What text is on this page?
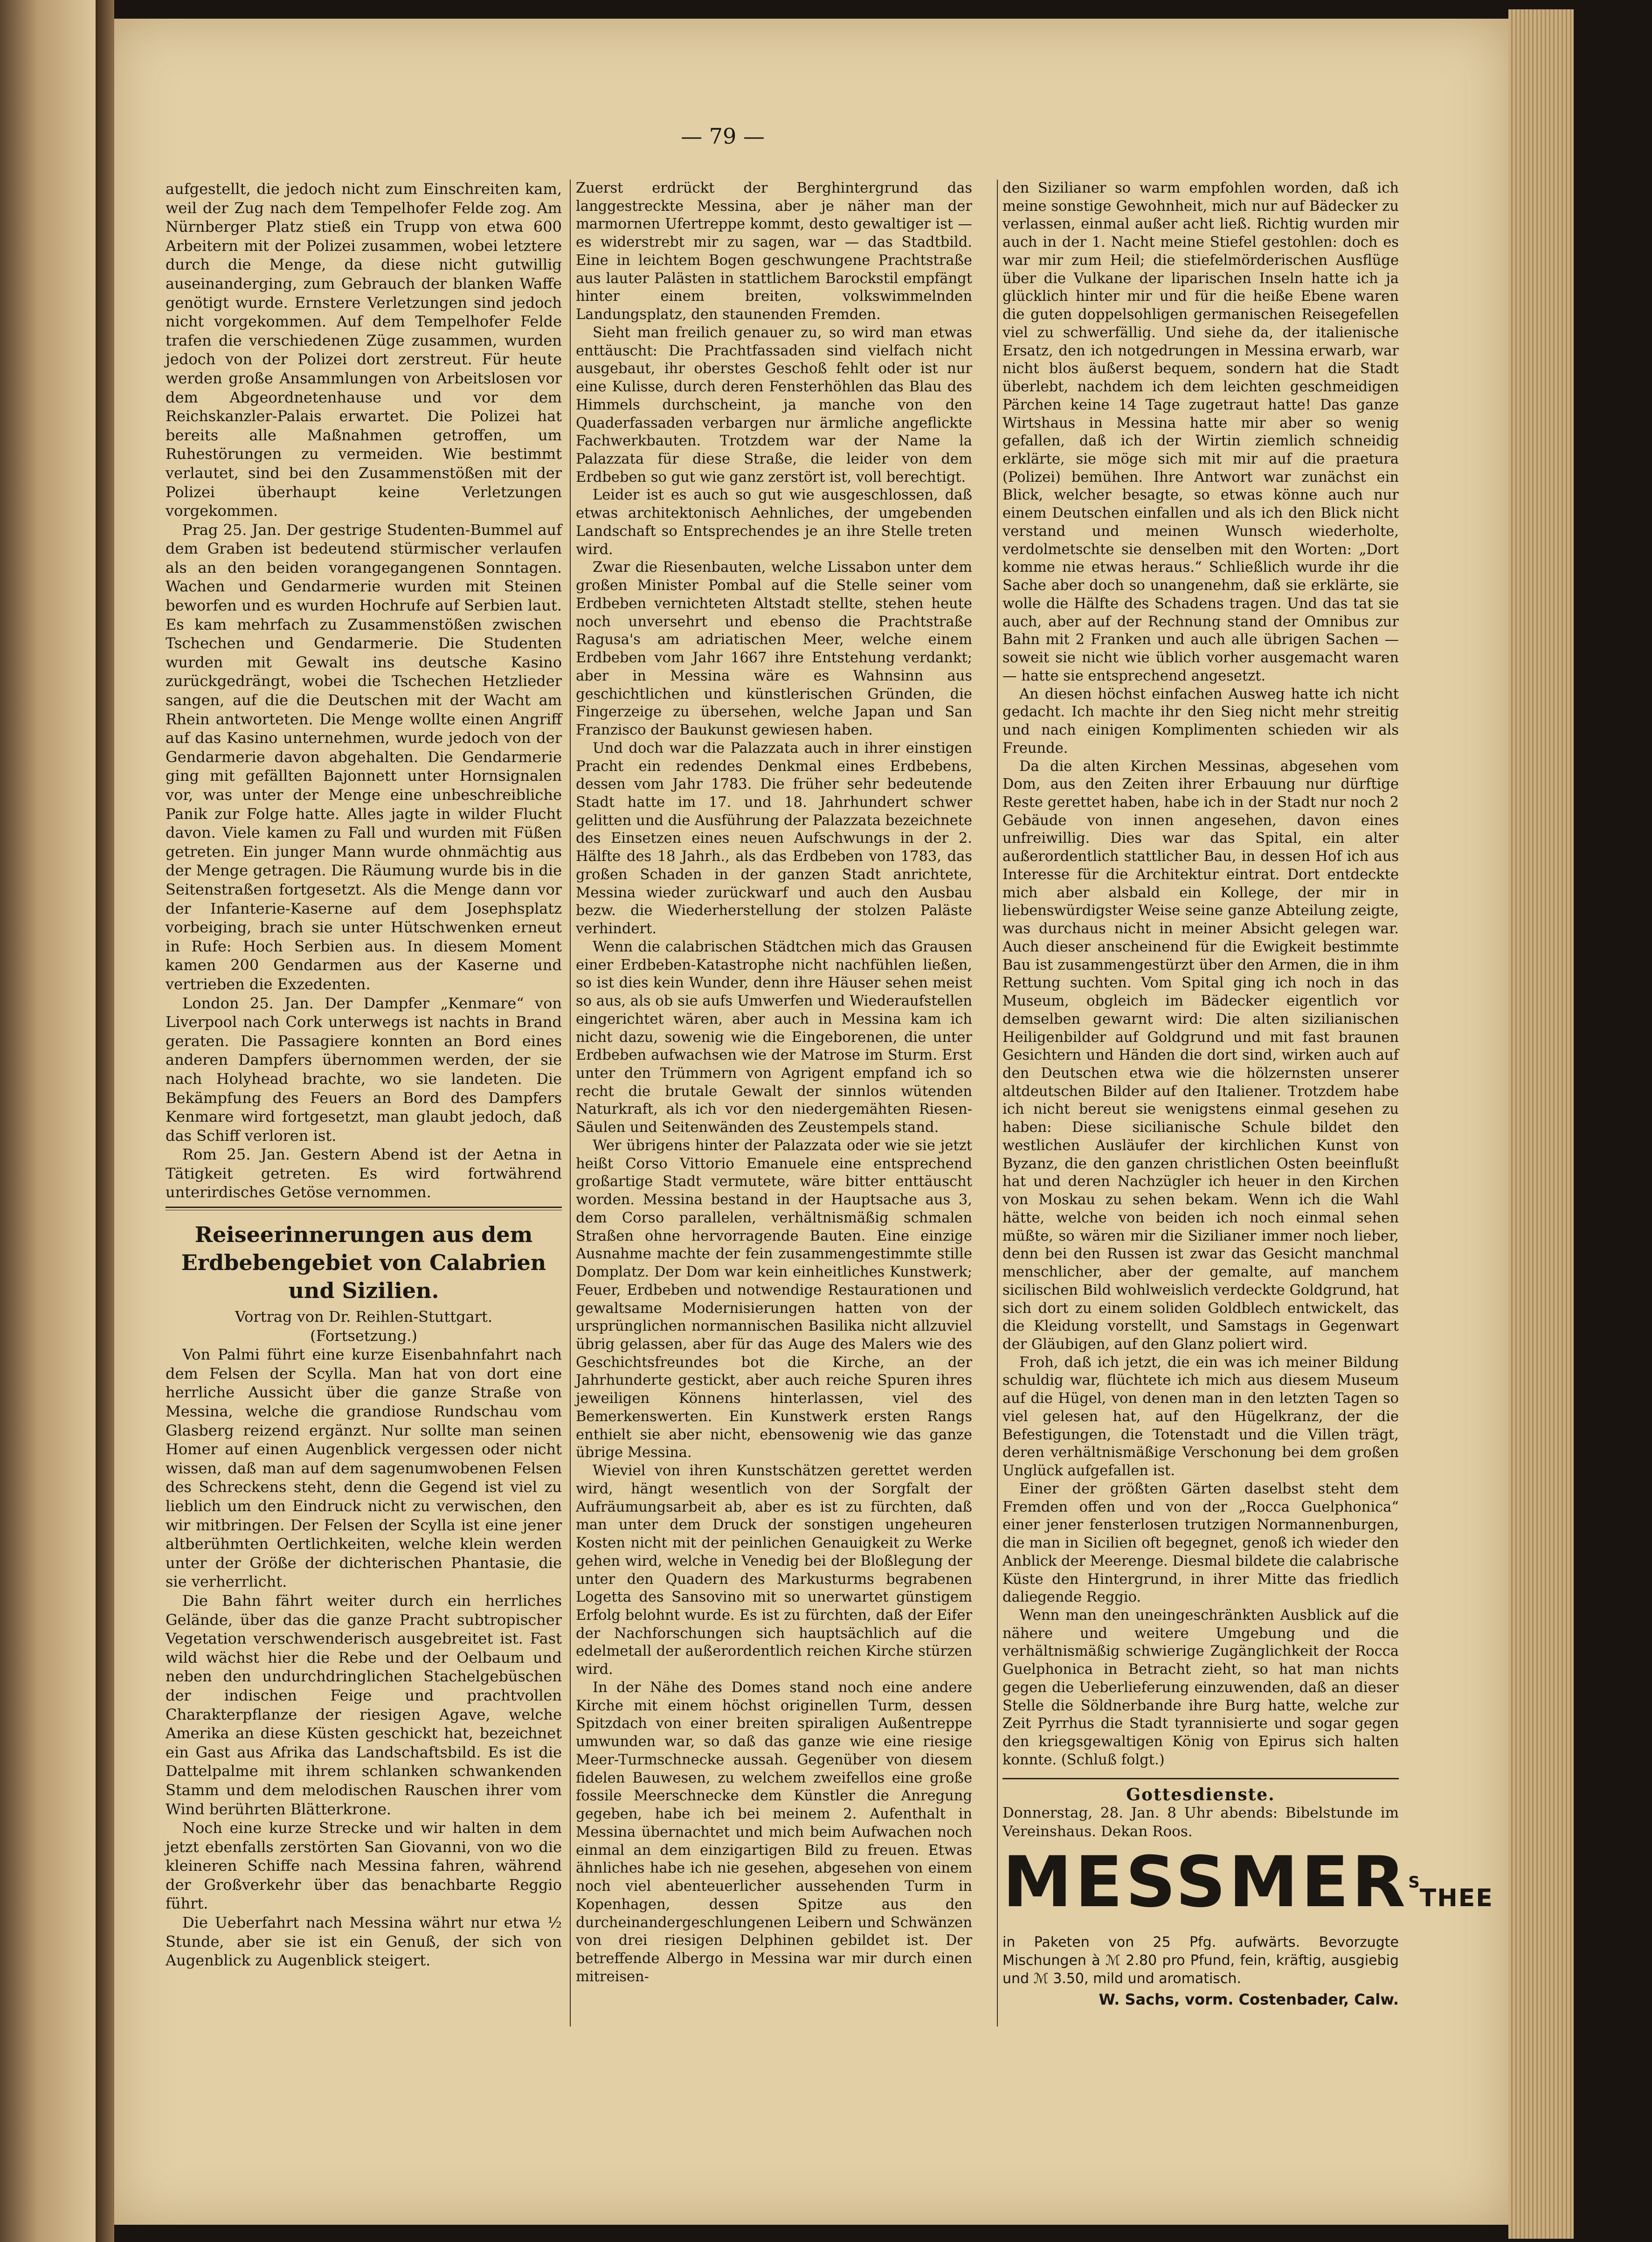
— 79 —

aufgestellt, die jedoch nicht zum Einschreiten kam, weil der Zug nach dem Tempelhofer Felde zog. Am Nürnberger Platz stieß ein Trupp von etwa 600 Arbeitern mit der Polizei zusammen, wobei letztere durch die Menge, da diese nicht gutwillig auseinanderging, zum Gebrauch der blanken Waffe genötigt wurde. Ernstere Verletzungen sind jedoch nicht vorgekommen. Auf dem Tempelhofer Felde trafen die verschiedenen Züge zusammen, wurden jedoch von der Polizei dort zerstreut. Für heute werden große Ansammlungen von Arbeitslosen vor dem Abgeordnetenhause und vor dem Reichskanzler-Palais erwartet. Die Polizei hat bereits alle Maßnahmen getroffen, um Ruhestörungen zu vermeiden. Wie bestimmt verlautet, sind bei den Zusammenstößen mit der Polizei überhaupt keine Verletzungen vorgekommen.

Prag 25. Jan. Der gestrige Studenten-Bummel auf dem Graben ist bedeutend stürmischer verlaufen als an den beiden vorangegangenen Sonntagen. Wachen und Gendarmerie wurden mit Steinen beworfen und es wurden Hochrufe auf Serbien laut. Es kam mehrfach zu Zusammenstößen zwischen Tschechen und Gendarmerie. Die Studenten wurden mit Gewalt ins deutsche Kasino zurückgedrängt, wobei die Tschechen Hetzlieder sangen, auf die die Deutschen mit der Wacht am Rhein antworteten. Die Menge wollte einen Angriff auf das Kasino unternehmen, wurde jedoch von der Gendarmerie davon abgehalten. Die Gendarmerie ging mit gefällten Bajonnett unter Hornsignalen vor, was unter der Menge eine unbeschreibliche Panik zur Folge hatte. Alles jagte in wilder Flucht davon. Viele kamen zu Fall und wurden mit Füßen getreten. Ein junger Mann wurde ohnmächtig aus der Menge getragen. Die Räumung wurde bis in die Seitenstraßen fortgesetzt. Als die Menge dann vor der Infanterie-Kaserne auf dem Josephsplatz vorbeiging, brach sie unter Hütschwenken erneut in Rufe: Hoch Serbien aus. In diesem Moment kamen 200 Gendarmen aus der Kaserne und vertrieben die Exzedenten.

London 25. Jan. Der Dampfer „Kenmare“ von Liverpool nach Cork unterwegs ist nachts in Brand geraten. Die Passagiere konnten an Bord eines anderen Dampfers übernommen werden, der sie nach Holyhead brachte, wo sie landeten. Die Bekämpfung des Feuers an Bord des Dampfers Kenmare wird fortgesetzt, man glaubt jedoch, daß das Schiff verloren ist.

Rom 25. Jan. Gestern Abend ist der Aetna in Tätigkeit getreten. Es wird fortwährend unterirdisches Getöse vernommen.

Reiseerinnerungen aus dem Erdbebengebiet von Calabrien und Sizilien.
Vortrag von Dr. Reihlen-Stuttgart.
(Fortsetzung.)

Von Palmi führt eine kurze Eisenbahnfahrt nach dem Felsen der Scylla. Man hat von dort eine herrliche Aussicht über die ganze Straße von Messina, welche die grandiose Rundschau vom Glasberg reizend ergänzt. Nur sollte man seinen Homer auf einen Augenblick vergessen oder nicht wissen, daß man auf dem sagenumwobenen Felsen des Schreckens steht, denn die Gegend ist viel zu lieblich um den Eindruck nicht zu verwischen, den wir mitbringen. Der Felsen der Scylla ist eine jener altberühmten Oertlichkeiten, welche klein werden unter der Größe der dichterischen Phantasie, die sie verherrlicht.

Die Bahn fährt weiter durch ein herrliches Gelände, über das die ganze Pracht subtropischer Vegetation verschwenderisch ausgebreitet ist. Fast wild wächst hier die Rebe und der Oelbaum und neben den undurchdringlichen Stachelgebüschen der indischen Feige und prachtvollen Charakterpflanze der riesigen Agave, welche Amerika an diese Küsten geschickt hat, bezeichnet ein Gast aus Afrika das Landschaftsbild. Es ist die Dattelpalme mit ihrem schlanken schwankenden Stamm und dem melodischen Rauschen ihrer vom Wind berührten Blätterkrone.

Noch eine kurze Strecke und wir halten in dem jetzt ebenfalls zerstörten San Giovanni, von wo die kleineren Schiffe nach Messina fahren, während der Großverkehr über das benachbarte Reggio führt.

Die Ueberfahrt nach Messina währt nur etwa ½ Stunde, aber sie ist ein Genuß, der sich von Augenblick zu Augenblick steigert.

Zuerst erdrückt der Berghintergrund das langgestreckte Messina, aber je näher man der marmornen Ufertreppe kommt, desto gewaltiger ist — es widerstrebt mir zu sagen, war — das Stadtbild. Eine in leichtem Bogen geschwungene Prachtstraße aus lauter Palästen in stattlichem Barockstil empfängt hinter einem breiten, volkswimmelnden Landungsplatz, den staunenden Fremden.

Sieht man freilich genauer zu, so wird man etwas enttäuscht: Die Prachtfassaden sind vielfach nicht ausgebaut, ihr oberstes Geschoß fehlt oder ist nur eine Kulisse, durch deren Fensterhöhlen das Blau des Himmels durchscheint, ja manche von den Quaderfassaden verbargen nur ärmliche angeflickte Fachwerkbauten. Trotzdem war der Name la Palazzata für diese Straße, die leider von dem Erdbeben so gut wie ganz zerstört ist, voll berechtigt.

Leider ist es auch so gut wie ausgeschlossen, daß etwas architektonisch Aehnliches, der umgebenden Landschaft so Entsprechendes je an ihre Stelle treten wird.

Zwar die Riesenbauten, welche Lissabon unter dem großen Minister Pombal auf die Stelle seiner vom Erdbeben vernichteten Altstadt stellte, stehen heute noch unversehrt und ebenso die Prachtstraße Ragusa's am adriatischen Meer, welche einem Erdbeben vom Jahr 1667 ihre Entstehung verdankt; aber in Messina wäre es Wahnsinn aus geschichtlichen und künstlerischen Gründen, die Fingerzeige zu übersehen, welche Japan und San Franzisco der Baukunst gewiesen haben.

Und doch war die Palazzata auch in ihrer einstigen Pracht ein redendes Denkmal eines Erdbebens, dessen vom Jahr 1783. Die früher sehr bedeutende Stadt hatte im 17. und 18. Jahrhundert schwer gelitten und die Ausführung der Palazzata bezeichnete des Einsetzen eines neuen Aufschwungs in der 2. Hälfte des 18 Jahrh., als das Erdbeben von 1783, das großen Schaden in der ganzen Stadt anrichtete, Messina wieder zurückwarf und auch den Ausbau bezw. die Wiederherstellung der stolzen Paläste verhindert.

Wenn die calabrischen Städtchen mich das Grausen einer Erdbeben-Katastrophe nicht nachfühlen ließen, so ist dies kein Wunder, denn ihre Häuser sehen meist so aus, als ob sie aufs Umwerfen und Wiederaufstellen eingerichtet wären, aber auch in Messina kam ich nicht dazu, sowenig wie die Eingeborenen, die unter Erdbeben aufwachsen wie der Matrose im Sturm. Erst unter den Trümmern von Agrigent empfand ich so recht die brutale Gewalt der sinnlos wütenden Naturkraft, als ich vor den niedergemähten Riesen-Säulen und Seitenwänden des Zeustempels stand.

Wer übrigens hinter der Palazzata oder wie sie jetzt heißt Corso Vittorio Emanuele eine entsprechend großartige Stadt vermutete, wäre bitter enttäuscht worden. Messina bestand in der Hauptsache aus 3, dem Corso parallelen, verhältnismäßig schmalen Straßen ohne hervorragende Bauten. Eine einzige Ausnahme machte der fein zusammengestimmte stille Domplatz. Der Dom war kein einheitliches Kunstwerk; Feuer, Erdbeben und notwendige Restaurationen und gewaltsame Modernisierungen hatten von der ursprünglichen normannischen Basilika nicht allzuviel übrig gelassen, aber für das Auge des Malers wie des Geschichtsfreundes bot die Kirche, an der Jahrhunderte gestickt, aber auch reiche Spuren ihres jeweiligen Könnens hinterlassen, viel des Bemerkenswerten. Ein Kunstwerk ersten Rangs enthielt sie aber nicht, ebensowenig wie das ganze übrige Messina.

Wieviel von ihren Kunstschätzen gerettet werden wird, hängt wesentlich von der Sorgfalt der Aufräumungsarbeit ab, aber es ist zu fürchten, daß man unter dem Druck der sonstigen ungeheuren Kosten nicht mit der peinlichen Genauigkeit zu Werke gehen wird, welche in Venedig bei der Bloßlegung der unter den Quadern des Markusturms begrabenen Logetta des Sansovino mit so unerwartet günstigem Erfolg belohnt wurde. Es ist zu fürchten, daß der Eifer der Nachforschungen sich hauptsächlich auf die edelmetall der außerordentlich reichen Kirche stürzen wird.

In der Nähe des Domes stand noch eine andere Kirche mit einem höchst originellen Turm, dessen Spitzdach von einer breiten spiraligen Außentreppe umwunden war, so daß das ganze wie eine riesige Meer-Turmschnecke aussah. Gegenüber von diesem fidelen Bauwesen, zu welchem zweifellos eine große fossile Meerschnecke dem Künstler die Anregung gegeben, habe ich bei meinem 2. Aufenthalt in Messina übernachtet und mich beim Aufwachen noch einmal an dem einzigartigen Bild zu freuen. Etwas ähnliches habe ich nie gesehen, abgesehen von einem noch viel abenteuerlicher aussehenden Turm in Kopenhagen, dessen Spitze aus den durcheinandergeschlungenen Leibern und Schwänzen von drei riesigen Delphinen gebildet ist. Der betreffende Albergo in Messina war mir durch einen mitreisen-

den Sizilianer so warm empfohlen worden, daß ich meine sonstige Gewohnheit, mich nur auf Bädecker zu verlassen, einmal außer acht ließ. Richtig wurden mir auch in der 1. Nacht meine Stiefel gestohlen: doch es war mir zum Heil; die stiefelmörderischen Ausflüge über die Vulkane der liparischen Inseln hatte ich ja glücklich hinter mir und für die heiße Ebene waren die guten doppelsohligen germanischen Reisegefellen viel zu schwerfällig. Und siehe da, der italienische Ersatz, den ich notgedrungen in Messina erwarb, war nicht blos äußerst bequem, sondern hat die Stadt überlebt, nachdem ich dem leichten geschmeidigen Pärchen keine 14 Tage zugetraut hatte! Das ganze Wirtshaus in Messina hatte mir aber so wenig gefallen, daß ich der Wirtin ziemlich schneidig erklärte, sie möge sich mit mir auf die praetura (Polizei) bemühen. Ihre Antwort war zunächst ein Blick, welcher besagte, so etwas könne auch nur einem Deutschen einfallen und als ich den Blick nicht verstand und meinen Wunsch wiederholte, verdolmetschte sie denselben mit den Worten: „Dort komme nie etwas heraus.“ Schließlich wurde ihr die Sache aber doch so unangenehm, daß sie erklärte, sie wolle die Hälfte des Schadens tragen. Und das tat sie auch, aber auf der Rechnung stand der Omnibus zur Bahn mit 2 Franken und auch alle übrigen Sachen — soweit sie nicht wie üblich vorher ausgemacht waren — hatte sie entsprechend angesetzt.

An diesen höchst einfachen Ausweg hatte ich nicht gedacht. Ich machte ihr den Sieg nicht mehr streitig und nach einigen Komplimenten schieden wir als Freunde.

Da die alten Kirchen Messinas, abgesehen vom Dom, aus den Zeiten ihrer Erbauung nur dürftige Reste gerettet haben, habe ich in der Stadt nur noch 2 Gebäude von innen angesehen, davon eines unfreiwillig. Dies war das Spital, ein alter außerordentlich stattlicher Bau, in dessen Hof ich aus Interesse für die Architektur eintrat. Dort entdeckte mich aber alsbald ein Kollege, der mir in liebenswürdigster Weise seine ganze Abteilung zeigte, was durchaus nicht in meiner Absicht gelegen war. Auch dieser anscheinend für die Ewigkeit bestimmte Bau ist zusammengestürzt über den Armen, die in ihm Rettung suchten. Vom Spital ging ich noch in das Museum, obgleich im Bädecker eigentlich vor demselben gewarnt wird: Die alten sizilianischen Heiligenbilder auf Goldgrund und mit fast braunen Gesichtern und Händen die dort sind, wirken auch auf den Deutschen etwa wie die hölzernsten unserer altdeutschen Bilder auf den Italiener. Trotzdem habe ich nicht bereut sie wenigstens einmal gesehen zu haben: Diese sicilianische Schule bildet den westlichen Ausläufer der kirchlichen Kunst von Byzanz, die den ganzen christlichen Osten beeinflußt hat und deren Nachzügler ich heuer in den Kirchen von Moskau zu sehen bekam. Wenn ich die Wahl hätte, welche von beiden ich noch einmal sehen müßte, so wären mir die Sizilianer immer noch lieber, denn bei den Russen ist zwar das Gesicht manchmal menschlicher, aber der gemalte, auf manchem sicilischen Bild wohlweislich verdeckte Goldgrund, hat sich dort zu einem soliden Goldblech entwickelt, das die Kleidung vorstellt, und Samstags in Gegenwart der Gläubigen, auf den Glanz poliert wird.

Froh, daß ich jetzt, die ein was ich meiner Bildung schuldig war, flüchtete ich mich aus diesem Museum auf die Hügel, von denen man in den letzten Tagen so viel gelesen hat, auf den Hügelkranz, der die Befestigungen, die Totenstadt und die Villen trägt, deren verhältnismäßige Verschonung bei dem großen Unglück aufgefallen ist.

Einer der größten Gärten daselbst steht dem Fremden offen und von der „Rocca Guelphonica“ einer jener fensterlosen trutzigen Normannenburgen, die man in Sicilien oft begegnet, genoß ich wieder den Anblick der Meerenge. Diesmal bildete die calabrische Küste den Hintergrund, in ihrer Mitte das friedlich daliegende Reggio.

Wenn man den uneingeschränkten Ausblick auf die nähere und weitere Umgebung und die verhältnismäßig schwierige Zugänglichkeit der Rocca Guelphonica in Betracht zieht, so hat man nichts gegen die Ueberlieferung einzuwenden, daß an dieser Stelle die Söldnerbande ihre Burg hatte, welche zur Zeit Pyrrhus die Stadt tyrannisierte und sogar gegen den kriegsgewaltigen König von Epirus sich halten konnte. (Schluß folgt.)

Gottesdienste.
Donnerstag, 28. Jan. 8 Uhr abends: Bibelstunde im Vereinshaus. Dekan Roos.
$MESSMER^STHEE$
in Paketen von 25 Pfg. aufwärts. Bevorzugte Mischungen à ℳ 2.80 pro Pfund, fein, kräftig, ausgiebig und ℳ 3.50, mild und aromatisch.
W. Sachs, vorm. Costenbader, Calw.
